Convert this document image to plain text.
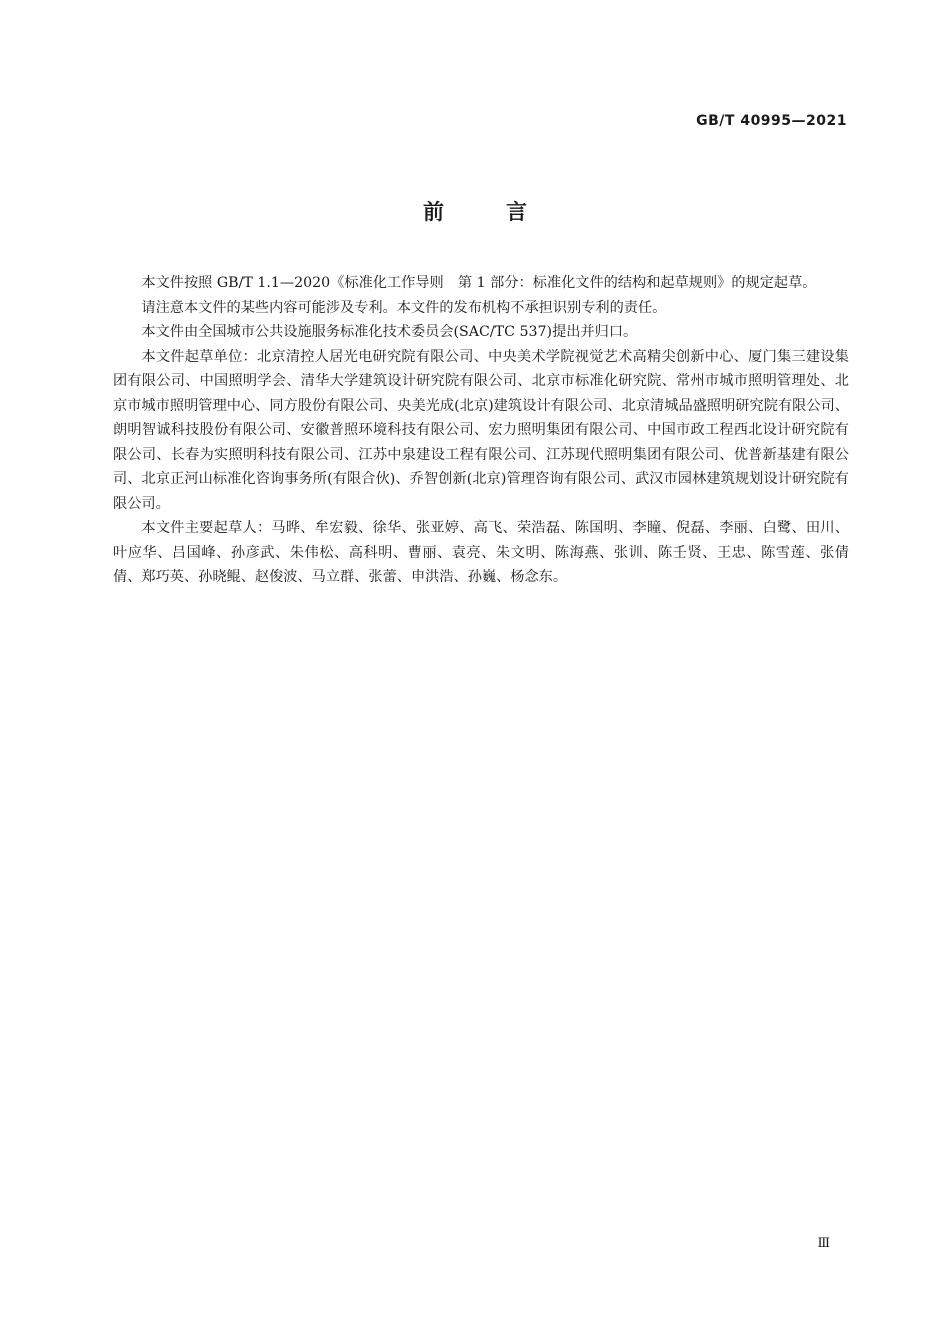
GB/T 40995—2021
前言

本文件按照 GB/T 1.1—2020《标准化工作导则　第 1 部分：标准化文件的结构和起草规则》的规定起草。

请注意本文件的某些内容可能涉及专利。本文件的发布机构不承担识别专利的责任。

本文件由全国城市公共设施服务标准化技术委员会(SAC/TC 537)提出并归口。

本文件起草单位：北京清控人居光电研究院有限公司、中央美术学院视觉艺术高精尖创新中心、厦门集三建设集团有限公司、中国照明学会、清华大学建筑设计研究院有限公司、北京市标准化研究院、常州市城市照明管理处、北京市城市照明管理中心、同方股份有限公司、央美光成(北京)建筑设计有限公司、北京清城品盛照明研究院有限公司、朗明智诚科技股份有限公司、安徽普照环境科技有限公司、宏力照明集团有限公司、中国市政工程西北设计研究院有限公司、长春为实照明科技有限公司、江苏中泉建设工程有限公司、江苏现代照明集团有限公司、优普新基建有限公司、北京正河山标准化咨询事务所(有限合伙)、乔智创新(北京)管理咨询有限公司、武汉市园林建筑规划设计研究院有限公司。

本文件主要起草人：马晔、牟宏毅、徐华、张亚婷、高飞、荣浩磊、陈国明、李瞳、倪磊、李丽、白鹭、田川、叶应华、吕国峰、孙彦武、朱伟松、高科明、曹丽、袁亮、朱文明、陈海燕、张训、陈壬贤、王忠、陈雪莲、张倩倩、郑巧英、孙晓鲲、赵俊波、马立群、张蕾、申洪浩、孙巍、杨念东。

Ⅲ
